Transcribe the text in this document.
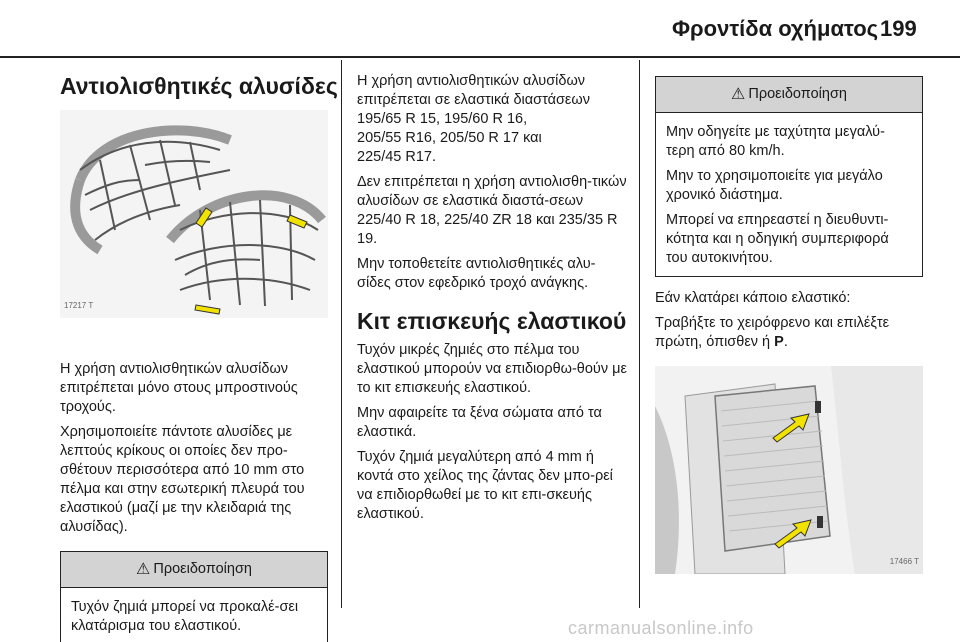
Φροντίδα οχήματος 199
Αντιολισθητικές αλυσίδες
17217 T

Η χρήση αντιολισθητικών αλυσίδων επιτρέπεται μόνο στους μπροστινούς τροχούς.

Χρησιμοποιείτε πάντοτε αλυσίδες με λεπτούς κρίκους οι οποίες δεν προ-σθέτουν περισσότερα από 10 mm στο πέλμα και στην εσωτερική πλευρά του ελαστικού (μαζί με την κλειδαριά της αλυσίδας).

⚠ Προειδοποίηση

Τυχόν ζημιά μπορεί να προκαλέ-σει κλατάρισμα του ελαστικού.

Η χρήση αντιολισθητικών αλυσίδων
επιτρέπεται σε ελαστικά διαστάσεων
195/65 R 15, 195/60 R 16,
205/55 R16, 205/50 R 17 και
225/45 R17.

Δεν επιτρέπεται η χρήση αντιολισθη-τικών αλυσίδων σε ελαστικά διαστά-σεων 225/40 R 18, 225/40 ZR 18 και 235/35 R 19.

Μην τοποθετείτε αντιολισθητικές αλυ-σίδες στον εφεδρικό τροχό ανάγκης.

Κιτ επισκευής ελαστικού

Τυχόν μικρές ζημιές στο πέλμα του ελαστικού μπορούν να επιδιορθω-θούν με το κιτ επισκευής ελαστικού.

Μην αφαιρείτε τα ξένα σώματα από τα ελαστικά.

Τυχόν ζημιά μεγαλύτερη από 4 mm ή κοντά στο χείλος της ζάντας δεν μπο-ρεί να επιδιορθωθεί με το κιτ επι-σκευής ελαστικού.

⚠ Προειδοποίηση

Μην οδηγείτε με ταχύτητα μεγαλύ-τερη από 80 km/h.

Μην το χρησιμοποιείτε για μεγάλο χρονικό διάστημα.

Μπορεί να επηρεαστεί η διευθυντι-κότητα και η οδηγική συμπεριφορά του αυτοκινήτου.

Εάν κλατάρει κάποιο ελαστικό:

Τραβήξτε το χειρόφρενο και επιλέξτε πρώτη, όπισθεν ή P.

17466 T
carmanualsonline.info
